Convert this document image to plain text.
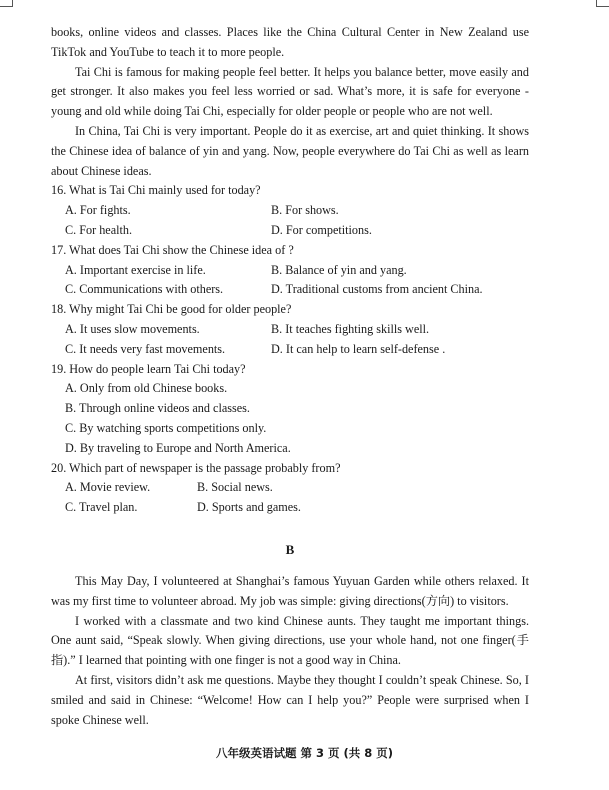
books, online videos and classes. Places like the China Cultural Center in New Zealand use TikTok and YouTube to teach it to more people.

Tai Chi is famous for making people feel better. It helps you balance better, move easily and get stronger. It also makes you feel less worried or sad. What’s more, it is safe for everyone -young and old while doing Tai Chi, especially for older people or people who are not well.

In China, Tai Chi is very important. People do it as exercise, art and quiet thinking. It shows the Chinese idea of balance of yin and yang. Now, people everywhere do Tai Chi as well as learn about Chinese ideas.

16. What is Tai Chi mainly used for today?
A. For fights.	B. For shows.
C. For health.	D. For competitions.
17. What does Tai Chi show the Chinese idea of ?
A. Important exercise in life.	B. Balance of yin and yang.
C. Communications with others.	D. Traditional customs from ancient China.
18. Why might Tai Chi be good for older people?
A. It uses slow movements.	B. It teaches fighting skills well.
C. It needs very fast movements.	D. It can help to learn self-defense .
19. How do people learn Tai Chi today?
A. Only from old Chinese books.
B. Through online videos and classes.
C. By watching sports competitions only.
D. By traveling to Europe and North America.
20. Which part of newspaper is the passage probably from?
A. Movie review.	B. Social news.
C. Travel plan.	D. Sports and games.
B

This May Day, I volunteered at Shanghai’s famous Yuyuan Garden while others relaxed. It was my first time to volunteer abroad. My job was simple: giving directions(方向) to visitors.

I worked with a classmate and two kind Chinese aunts. They taught me important things. One aunt said, “Speak slowly. When giving directions, use your whole hand, not one finger(手指).” I learned that pointing with one finger is not a good way in China.

At first, visitors didn’t ask me questions. Maybe they thought I couldn’t speak Chinese. So, I smiled and said in Chinese: “Welcome! How can I help you?” People were surprised when I spoke Chinese well.

八年级英语试题 第 3 页 (共 8 页)
